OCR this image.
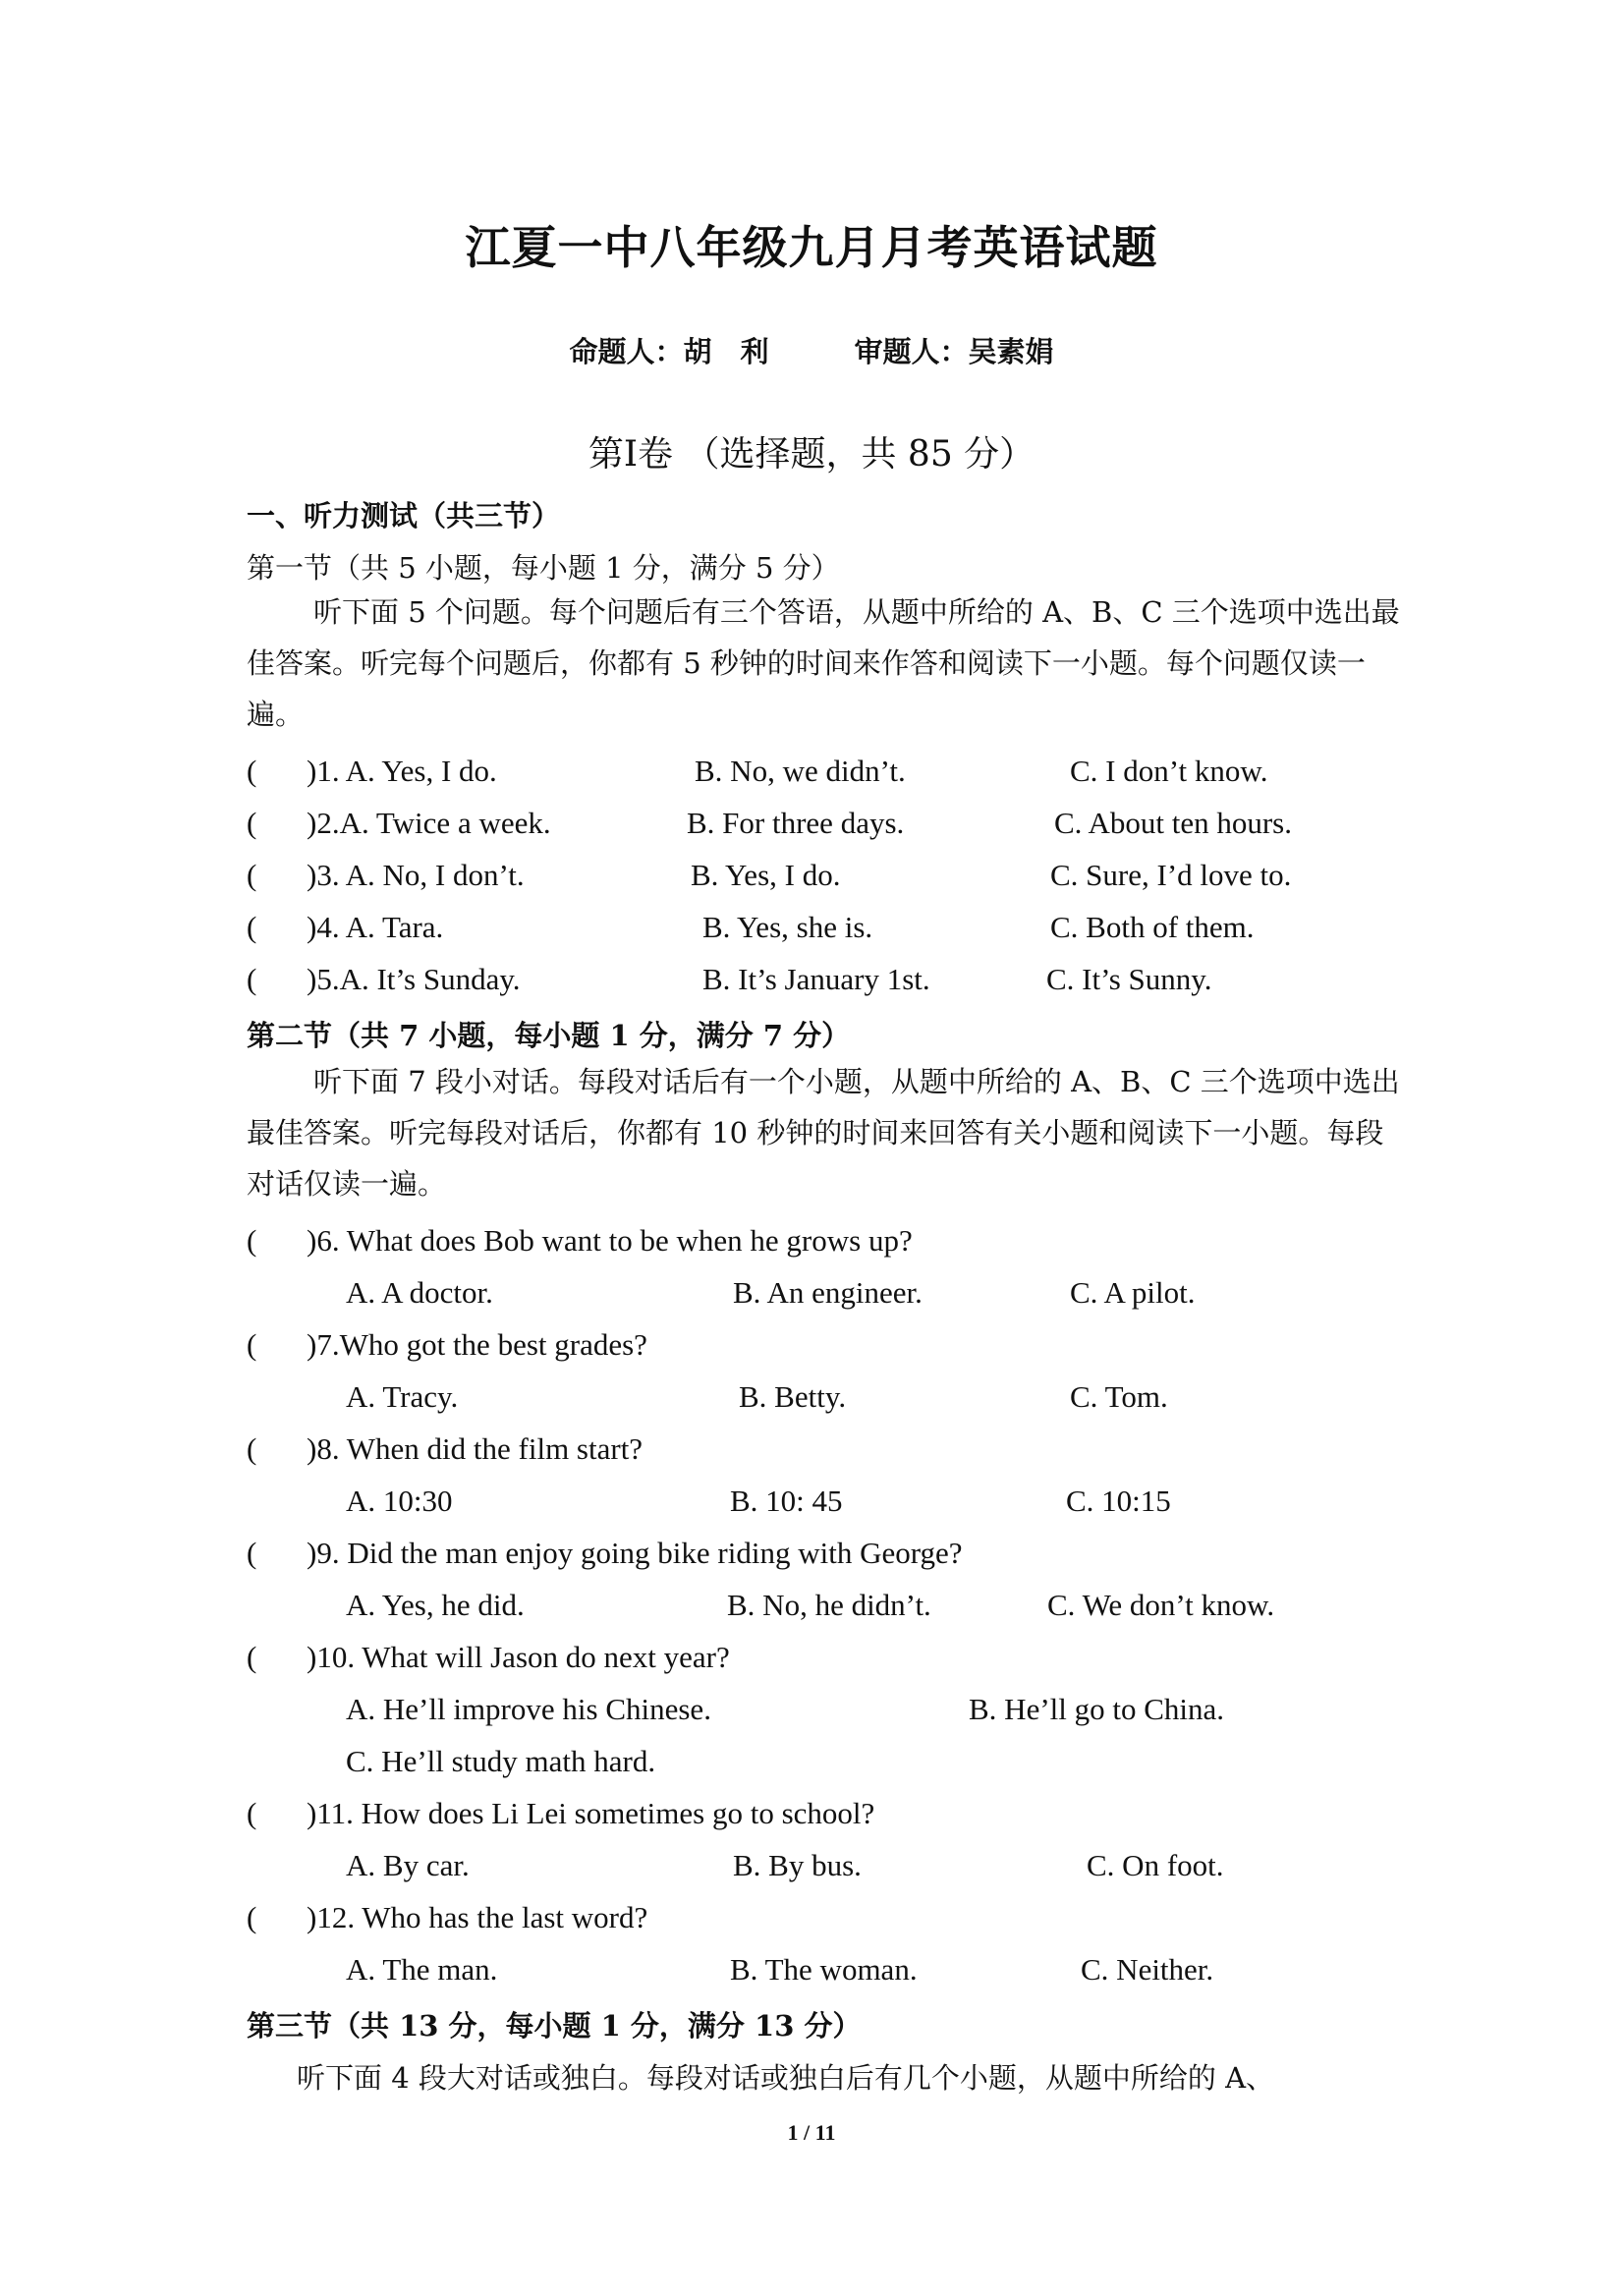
江夏一中八年级九月月考英语试题
命题人：胡　利　　　审题人：吴素娟
第Ⅰ卷 （选择题，共 85 分）
一、听力测试（共三节）
第一节（共 5 小题，每小题 1 分，满分 5 分）
听下面 5 个问题。每个问题后有三个答语，从题中所给的 A、B、C 三个选项中选出最佳答案。听完每个问题后，你都有 5 秒钟的时间来作答和阅读下一小题。每个问题仅读一遍。
( )1. A. Yes, I do.	B. No, we didn’t.	C. I don’t know.
( )2.A. Twice a week.	B. For three days.	C. About ten hours.
( )3. A. No, I don’t.	B. Yes, I do.	C. Sure, I’d love to.
( )4. A. Tara.	B. Yes, she is.	C. Both of them.
( )5.A. It’s Sunday.	B. It’s January 1st.	C. It’s Sunny.
第二节（共 7 小题，每小题 1 分，满分 7 分）
听下面 7 段小对话。每段对话后有一个小题，从题中所给的 A、B、C 三个选项中选出最佳答案。听完每段对话后，你都有 10 秒钟的时间来回答有关小题和阅读下一小题。每段对话仅读一遍。
( )6. What does Bob want to be when he grows up?
A. A doctor.	B. An engineer.	C. A pilot.
( )7.Who got the best grades?
A. Tracy.	B. Betty.	C. Tom.
( )8. When did the film start?
A. 10:30	B. 10: 45	C. 10:15
( )9. Did the man enjoy going bike riding with George?
A. Yes, he did.	B. No, he didn’t.	C. We don’t know.
( )10. What will Jason do next year?
A. He’ll improve his Chinese.	B. He’ll go to China.
C. He’ll study math hard.
( )11. How does Li Lei sometimes go to school?
A. By car.	B. By bus.	C. On foot.
( )12. Who has the last word?
A. The man.	B. The woman.	C. Neither.
第三节（共 13 分，每小题 1 分，满分 13 分）
听下面 4 段大对话或独白。每段对话或独白后有几个小题，从题中所给的 A、
1 / 11
